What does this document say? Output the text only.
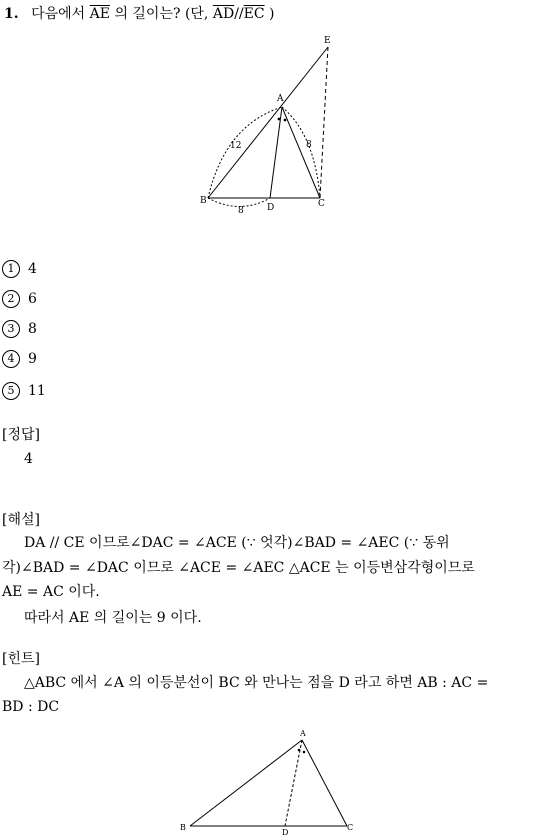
1. 다음에서 $\overline{AE}$ 의 길이는? (단, $\overline{AD}//\overline{EC}$ )
E
A
B	C
D
12	8
8
1 4
2 6
3 8
4 9
5 11
[정답]
4
[해설]
DA // CE 이므로∠DAC = ∠ACE (∵ 엇각)∠BAD = ∠AEC (∵ 동위
각)∠BAD = ∠DAC 이므로 ∠ACE = ∠AEC △ACE 는 이등변삼각형이므로
AE = AC 이다.
따라서 AE 의 길이는 9 이다.
[힌트]
△ABC 에서 ∠A 의 이등분선이 BC 와 만나는 점을 D 라고 하면 AB : AC =
BD : DC
A
B	C
D
